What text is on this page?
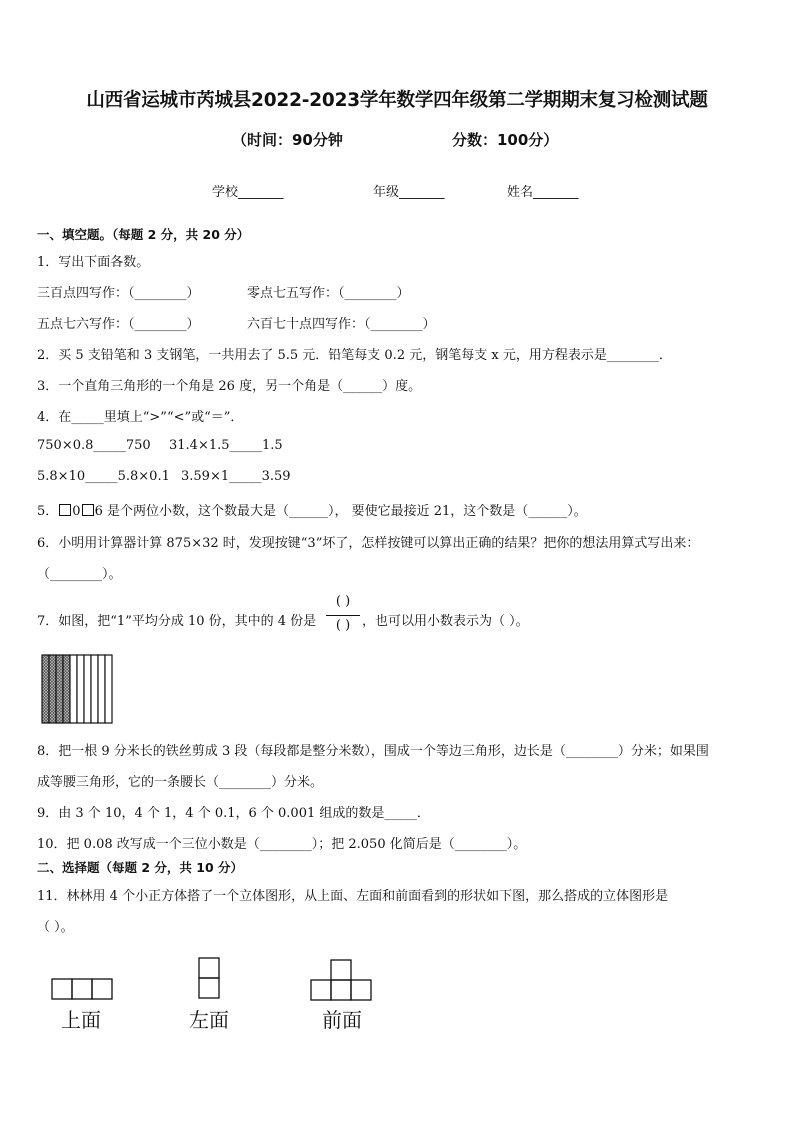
山西省运城市芮城县2022-2023学年数学四年级第二学期期末复习检测试题
（时间：90分钟	分数：100分）
学校_______	年级_______	姓名_______
一、填空题。（每题 2 分，共 20 分）
1．写出下面各数。
三百点四写作：（________）	零点七五写作：（________）
五点七六写作：（________）	六百七十点四写作：（________）
2．买 5 支铅笔和 3 支钢笔，一共用去了 5.5 元．铅笔每支 0.2 元，钢笔每支 x 元，用方程表示是________．
3．一个直角三角形的一个角是 26 度，另一个角是（______）度。
4．在_____里填上“>”“<”或“＝”．
750×0.8_____750 31.4×1.5_____1.5
5.8×10_____5.8×0.1 3.59×1_____3.59
5． 0 6 是个两位小数，这个数最大是（______）， 要使它最接近 21，这个数是（______）。
6．小明用计算器计算 875×32 时，发现按键“3”坏了，怎样按键可以算出正确的结果？把你的想法用算式写出来：
（________）。
7．如图，把“1”平均分成 10 份，其中的 4 份是
( )
( ) ，也可以用小数表示为（ ）。
8．把一根 9 分米长的铁丝剪成 3 段（每段都是整分米数），围成一个等边三角形，边长是（________）分米；如果围
成等腰三角形，它的一条腰长（________）分米。
9．由 3 个 10，4 个 1，4 个 0.1，6 个 0.001 组成的数是_____．
10．把 0.08 改写成一个三位小数是（________）；把 2.050 化简后是（________）。
二、选择题（每题 2 分，共 10 分）
11．林林用 4 个小正方体搭了一个立体图形，从上面、左面和前面看到的形状如下图，那么搭成的立体图形是
（ ）。
上面	左面	前面
